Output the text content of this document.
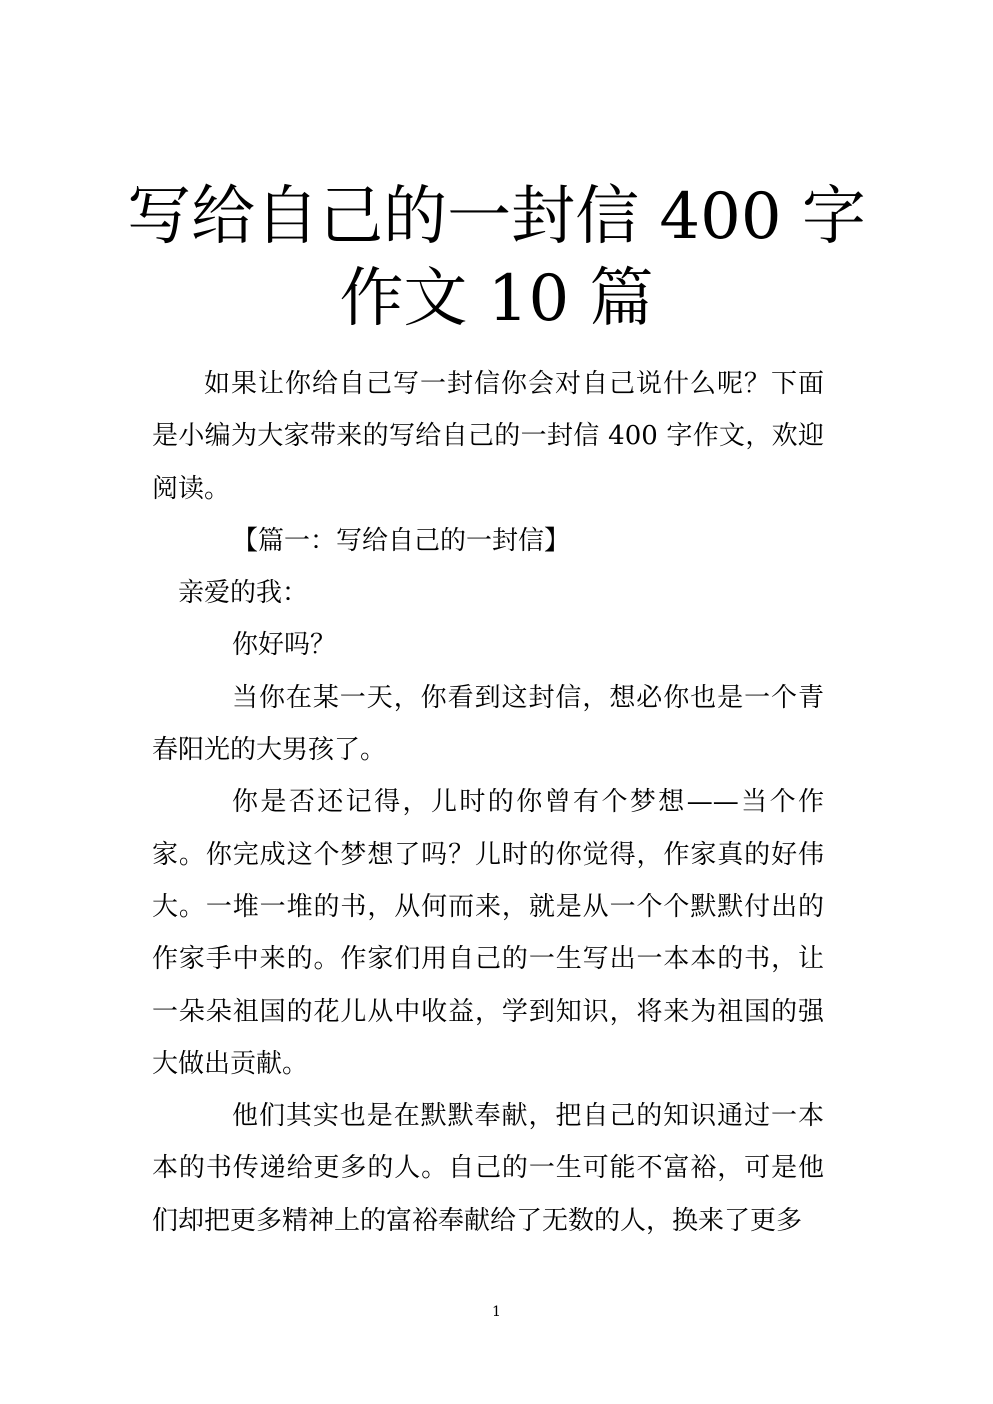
写给自己的一封信 400 字
作文 10 篇

如果让你给自己写一封信你会对自己说什么呢？下面是小编为大家带来的写给自己的一封信 400 字作文，欢迎阅读。

【篇一：写给自己的一封信】

亲爱的我：

你好吗？

当你在某一天，你看到这封信，想必你也是一个青春阳光的大男孩了。

你是否还记得，儿时的你曾有个梦想——当个作家。你完成这个梦想了吗？儿时的你觉得，作家真的好伟大。一堆一堆的书，从何而来，就是从一个个默默付出的作家手中来的。作家们用自己的一生写出一本本的书，让一朵朵祖国的花儿从中收益，学到知识，将来为祖国的强大做出贡献。

他们其实也是在默默奉献，把自己的知识通过一本本的书传递给更多的人。自己的一生可能不富裕，可是他们却把更多精神上的富裕奉献给了无数的人，换来了更多

1
